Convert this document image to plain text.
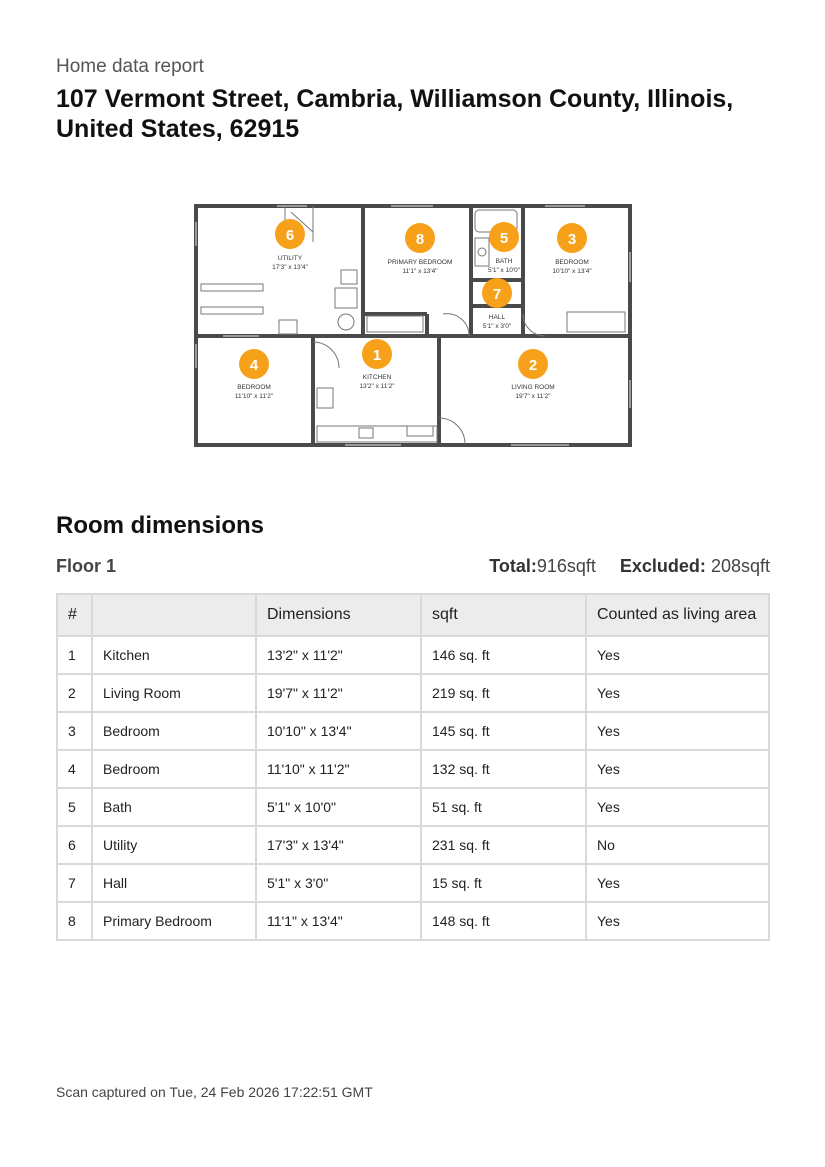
Home data report
107 Vermont Street, Cambria, Williamson County, Illinois, United States, 62915
UTILITY
17'3" x 13'4"
PRIMARY BEDROOM
11'1" x 13'4"
BATH
5'1" x 10'0"
BEDROOM
10'10" x 13'4"
HALL
5'1" x 3'0"
BEDROOM
11'10" x 11'2"
KITCHEN
13'2" x 11'2"	LIVING ROOM
19'7" x 11'2"
6	8	5	3
7
4
1
2
Room dimensions
Floor 1	Total:916sqft Excluded: 208sqft
#		Dimensions	sqft	Counted as living area
1	Kitchen	13'2" x 11'2"	146 sq. ft	Yes
2	Living Room	19'7" x 11'2"	219 sq. ft	Yes
3	Bedroom	10'10" x 13'4"	145 sq. ft	Yes
4	Bedroom	11'10" x 11'2"	132 sq. ft	Yes
5	Bath	5'1" x 10'0"	51 sq. ft	Yes
6	Utility	17'3" x 13'4"	231 sq. ft	No
7	Hall	5'1" x 3'0"	15 sq. ft	Yes
8	Primary Bedroom	11'1" x 13'4"	148 sq. ft	Yes
Scan captured on Tue, 24 Feb 2026 17:22:51 GMT
